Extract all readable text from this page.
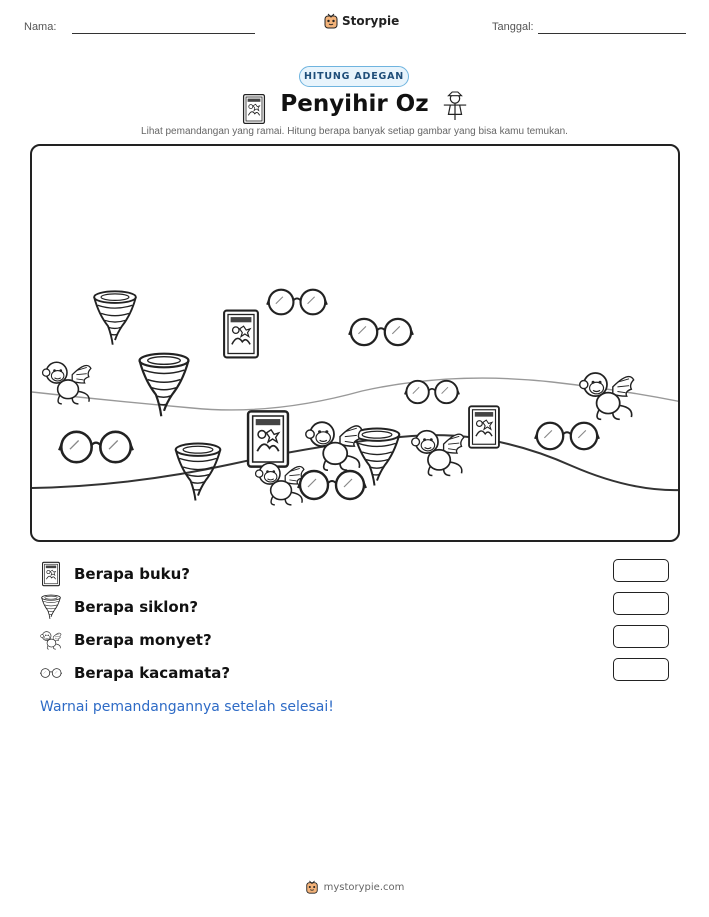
Nama:	Storypie	Tanggal:
HITUNG ADEGAN
Penyihir Oz
Lihat pemandangan yang ramai. Hitung berapa banyak setiap gambar yang bisa kamu temukan.
Berapa buku?
Berapa siklon?
Berapa monyet?
Berapa kacamata?
Warnai pemandangannya setelah selesai!
mystorypie.com
